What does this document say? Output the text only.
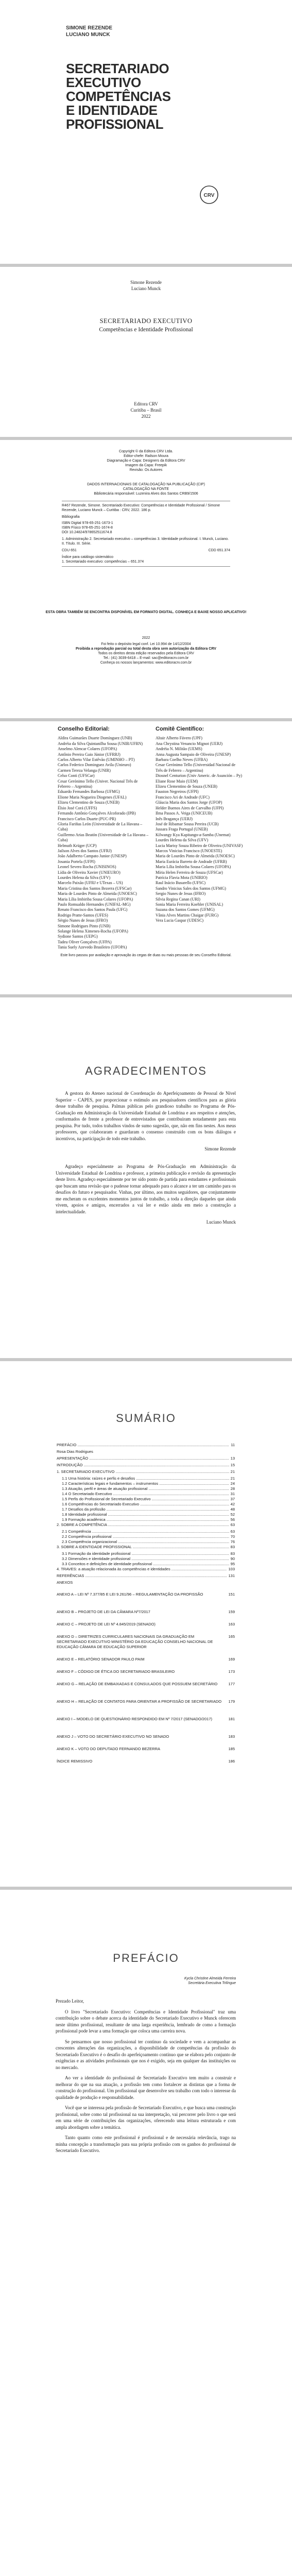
SIMONE REZENDE
LUCIANO MUNCK
SECRETARIADO
EXECUTIVO
COMPETÊNCIAS
E IDENTIDADE
PROFISSIONAL
CRV
Simone Rezende
Luciano Munck
SECRETARIADO EXECUTIVO
Competências e Identidade Profissional
Editora CRV
Curitiba – Brasil
2022
Copyright © da Editora CRV Ltda.
Editor-chefe: Railson Moura
Diagramação e Capa: Designers da Editora CRV
Imagem da Capa: Freepik
Revisão: Os Autores
DADOS INTERNACIONAIS DE CATALOGAÇÃO NA PUBLICAÇÃO (CIP)
CATALOGAÇÃO NA FONTE
Bibliotecária responsável: Luzenira Alves dos Santos CRB9/1506
R467 Rezende, Simone. Secretariado Executivo: Competências e Identidade Profissional / Simone Rezende, Luciano Munck – Curitiba : CRV, 2022. 186 p.
Bibliografia
ISBN Digital 978-65-251-1673-1
ISBN Físico 978-65-251-1674-8
DOI 10.24824/978652511674.8
1. Administração 2. Secretariado executivo – competências 3. Identidade profissional. I. Munck, Luciano. II. Título. III. Série.
CDU 651	CDD 651.374
Índice para catálogo sistemático
1. Secretariado executivo: competências – 651.374
ESTA OBRA TAMBÉM SE ENCONTRA DISPONÍVEL EM FORMATO DIGITAL. CONHEÇA E BAIXE NOSSO APLICATIVO!
2022
Foi feito o depósito legal conf. Lei 10.994 de 14/12/2004
Proibida a reprodução parcial ou total desta obra sem autorização da Editora CRV
Todos os direitos desta edição reservados pela Editora CRV
Tel.: (41) 3039-6418 – E-mail: sac@editoracrv.com.br
Conheça os nossos lançamentos: www.editoracrv.com.br
Conselho Editorial:
Aldira Guimarães Duarte Domínguez (UNB)
Andréia da Silva Quintanilha Sousa (UNIR/UFRN)
Anselmo Alencar Colares (UFOPA)
Antônio Pereira Gaio Júnior (UFRRJ)
Carlos Alberto Vilar Estêvão (UMINHO – PT)
Carlos Federico Dominguez Avila (Unieuro)
Carmen Tereza Velanga (UNIR)
Celso Conti (UFSCar)
Cesar Gerónimo Tello (Univer. Nacional Três de Febrero – Argentina)
Eduardo Fernandes Barbosa (UFMG)
Elione Maria Nogueira Diogenes (UFAL)
Elizeu Clementino de Souza (UNEB)
Élsio José Corá (UFFS)
Fernando Antônio Gonçalves Alcoforado (IPB)
Francisco Carlos Duarte (PUC-PR)
Gloria Fariñas León (Universidade de La Havana – Cuba)
Guillermo Arias Beatón (Universidade de La Havana – Cuba)
Helmuth Krüger (UCP)
Jailson Alves dos Santos (UFRJ)
João Adalberto Campato Junior (UNESP)
Josania Portela (UFPI)
Leonel Severo Rocha (UNISINOS)
Lídia de Oliveira Xavier (UNIEURO)
Lourdes Helena da Silva (UFV)
Marcelo Paixão (UFRJ e UTexas – US)
Maria Cristina dos Santos Bezerra (UFSCar)
Maria de Lourdes Pinto de Almeida (UNOESC)
Maria Lília Imbiriba Sousa Colares (UFOPA)
Paulo Romualdo Hernandes (UNIFAL-MG)
Renato Francisco dos Santos Paula (UFG)
Rodrigo Pratte-Santos (UFES)
Sérgio Nunes de Jesus (IFRO)
Simone Rodrigues Pinto (UNB)
Solange Helena Ximenes-Rocha (UFOPA)
Sydione Santos (UEPG)
Tadeu Oliver Gonçalves (UFPA)
Tania Suely Azevedo Brasileiro (UFOPA)
Comitê Científico:
Altair Alberto Fávero (UPF)
Ana Chrystina Venancio Mignot (UERJ)
Andréia N. Militão (UEMS)
Anna Augusta Sampaio de Oliveira (UNESP)
Barbara Coelho Neves (UFBA)
Cesar Gerónimo Tello (Universidad Nacional de Três de Febrero – Argentina)
Diosnel Centurion (Univ Americ. de Asunción – Py)
Eliane Rose Maio (UEM)
Elizeu Clementino de Souza (UNEB)
Fauston Negreiros (UFPI)
Francisco Ari de Andrade (UFC)
Gláucia Maria dos Santos Jorge (UFOP)
Helder Buenos Aires de Carvalho (UFPI)
Ilma Passos A. Veiga (UNICEUB)
Inês Bragança (UERJ)
José de Ribamar Sousa Pereira (UCB)
Jussara Fraga Portugal (UNEB)
Kilwangy Kya Kapitango-a-Samba (Unemat)
Lourdes Helena da Silva (UFV)
Lucia Marisy Souza Ribeiro de Oliveira (UNIVASF)
Marcos Vinicius Francisco (UNOESTE)
Maria de Lourdes Pinto de Almeida (UNOESC)
Maria Eurácia Barreto de Andrade (UFRB)
Maria Lília Imbiriba Sousa Colares (UFOPA)
Míria Helen Ferreira de Souza (UFSCar)
Patrícia Flavia Mota (UNIRIO)
Raul Inácio Busarello (UFSC)
Sandro Vinicius Sales dos Santos (UFMG)
Sergio Nunes de Jesus (IFRO)
Silvia Regina Canan (URI)
Sonia Maria Ferreira Koehler (UNISAL)
Suzana dos Santos Gomes (UFMG)
Vânia Alves Martins Chaigar (FURG)
Vera Lucia Gaspar (UDESC)
Este livro passou por avaliação e aprovação às cegas de duas ou mais pessoas de seu Conselho Editorial.
AGRADECIMENTOS

A gestora do Ateneo nacional de Coordenação do Aperfeiçoamento de Pessoal de Nível Superior – CAPES, por proporcionar o estímulo aos pesquisadores científicos para as glória desse trabalho de pesquisa. Palmas públicas pelo grandioso trabalho no Programa de Pós-Graduação em Administração da Universidade Estadual de Londrina e aos respeitos e atenções, conformados de frente a professor de entrevistados que contribuiram notadamente para esta pesquisa. Por tudo, todos trabalhos vindos de sumo sugestão, que, não em fins nestes. Aos meus professores, que colaboraram e guardaram o consenso construído com os bons diálogos e incentivos, na participação de todo este trabalho.

Simone Rezende

Agradeço especialmente ao Programa de Pós-Graduação em Administração da Universidade Estadual de Londrina e professor, a primeira publicação e revisão da apresentação deste livro. Agradeço especialmente por ter sido ponto de partida para estudantes e profissionais que buscam uma revisão que o pudesse tornar adequado para o alcance a ter um caminho para os desafios do futuro e pesquisador. Vinhas, por último, aos muitos seguidores, que conjuntamente me encheram os excelentes momentos juntos de trabalho, a toda a direção daqueles que ainda vivem, apoios e amigos, encerrados a vai ler e estão ainda em meio a construção a intelectualidade.

Luciano Munck
SUMÁRIO
PREFÁCIO .....	11
Rosa Dias Rodrigues
APRESENTAÇÃO .....	13
INTRODUÇÃO .....	15
1. SECRETARIADO EXECUTIVO .....	21
1.1 Uma história: raízes e perfis e desafios .....	21
1.2 Características legais e fundamentos – instrumentos .....	24
1.3 Atuação, perfil e áreas de atuação profissional .....	28
1.4 O Secretariado Executivo .....	31
1.5 Perfis do Profissional de Secretariado Executivo .....	37
1.6 Competências do Secretariado Executivo .....	42
1.7 Desafios da profissão .....	48
1.8 Identidade profissional .....	52
1.9 Formação acadêmica .....	56
2. SOBRE A COMPETÊNCIA .....	63
2.1 Competência .....	63
2.2 Competência profissional .....	70
2.3 Competência organizacional .....	76
3. SOBRE A IDENTIDADE PROFISSIONAL .....	83
3.1 Formação da identidade profissional .....	83
3.2 Dimensões e identidade profissional .....	90
3.3 Conceitos e definições de identidade profissional .....	95
4. TRAVES: a atuação relacionada às competências e identidades .....	103
REFERÊNCIAS .....	131
ANEXOS
ANEXO A – LEI Nº 7.377/85 E LEI 9.261/96 – REGULAMENTAÇÃO DA PROFISSÃO	151
ANEXO B – PROJETO DE LEI DA CÂMARA Nº7/2017	159
ANEXO C – PROJETO DE LEI Nº 4.845/2019 (SENADO)	163
ANEXO D – DIRETRIZES CURRICULARES NACIONAIS DA GRADUAÇÃO EM SECRETARIADO EXECUTIVO MINISTÉRIO DA EDUCAÇÃO CONSELHO NACIONAL DE EDUCAÇÃO CÂMARA DE EDUCAÇÃO SUPERIOR
165
ANEXO E – RELATÓRIO SENADOR PAULO PAIM	169
ANEXO F – CÓDIGO DE ÉTICA DO SECRETARIADO BRASILEIRO	173
ANEXO G – RELAÇÃO DE EMBAIXADAS E CONSULADOS QUE POSSUEM SECRETÁRIO	177
ANEXO H – RELAÇÃO DE CONTATOS PARA ORIENTAR A PROFISSÃO DE SECRETARIADO	179
ANEXO I – MODELO DE QUESTIONÁRIO RESPONDIDO EM Nº 7/2017 (SENADO/2017)	181
ANEXO J – VOTO DO SECRETÁRIO EXECUTIVO NO SENADO	183
ANEXO K – VOTO DO DEPUTADO FERNANDO BEZERRA	185
ÍNDICE REMISSIVO	186
PREFÁCIO
Kycla Christine Almeida Ferreira
Secretária Executiva Trilíngue

Prezado Leitor,

O livro "Secretariado Executivo: Competências e Identidade Profissional" traz uma contribuição sobre o debate acerca da identidade do Secretariado Executivo e Munck oferecem neste último profissional, resultante de uma larga experiência, lembrado de como a formação profissional pode levar a uma formação que coloca uma carreira nova.

Se pensarmos que nosso profissional ter contínuo da sociedade e vem a acompanhar as crescentes alterações das organizações, a disponibilidade de competências da profissão do Secretariado Executivo é o desafio do aperfeiçoamento contínuo que se elabora pelo conjunto de exigências e as atividades profissionais que nos é exigido, seja em qualquer das instituições ou no mercado.

Ao ver a identidade do profissional de Secretariado Executivo tem muito a construir e melhorar do que na sua atuação, a profissão tem como fortalecer as distintas que a forma de construção do profissional. Um profissional que desenvolve seu trabalho com todo o interesse da qualidade de produção e responsabilidade.

Você que se interessa pela profissão de Secretariado Executivo, e que busca uma construção profissional, sobre como tal profissional na sua interpretação, vai percorrer pelo livro o que será em uma série de contribuições das organizações, oferecendo uma leitura estruturada e com ampla abordagem sobre a temática.

Tanto quanto como este profissional é profissional e de necessária relevância, trago na minha concepção a transformação para sua própria profissão com os ganhos do profissional de Secretariado Executivo.
